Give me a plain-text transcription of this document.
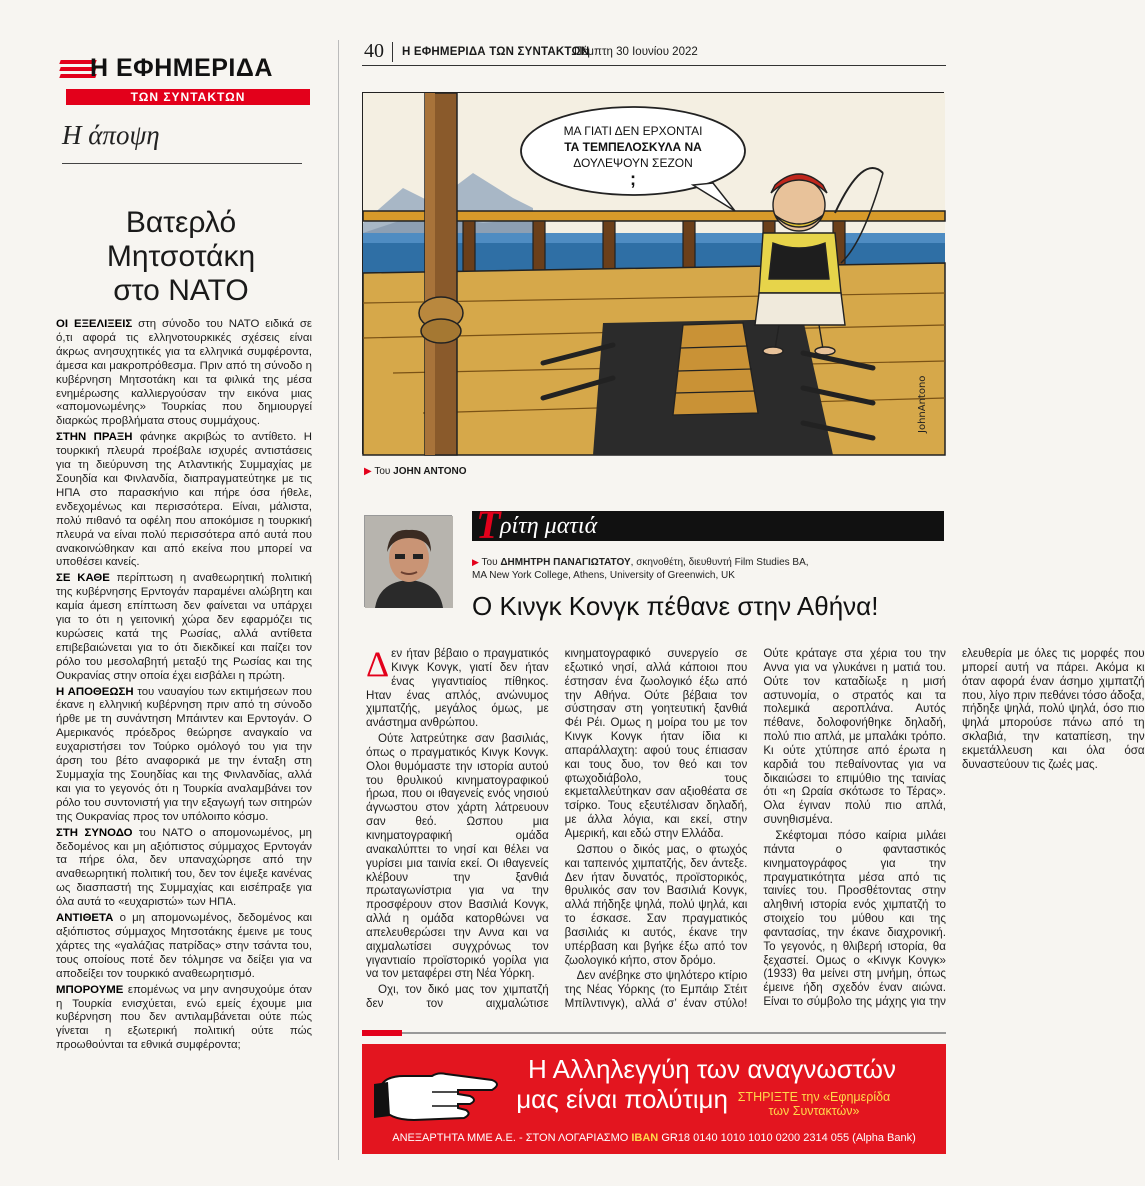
Η ΕΦΗΜΕΡΙΔΑ
ΤΩΝ ΣΥΝΤΑΚΤΩΝ
Η άποψη
Βατερλό
Μητσοτάκη
στο ΝΑΤΟ

ΟΙ ΕΞΕΛΙΞΕΙΣ στη σύνοδο του ΝΑΤΟ ειδικά σε ό,τι αφορά τις ελληνοτουρκικές σχέσεις είναι άκρως ανησυχητικές για τα ελληνικά συμφέροντα, άμεσα και μακροπρόθεσμα. Πριν από τη σύνοδο η κυβέρνηση Μητσοτάκη και τα φιλικά της μέσα ενημέρωσης καλλιεργούσαν την εικόνα μιας «απομονωμένης» Τουρκίας που δημιουργεί διαρκώς προβλήματα στους συμμάχους.

ΣΤΗΝ ΠΡΑΞΗ φάνηκε ακριβώς το αντίθετο. Η τουρκική πλευρά προέβαλε ισχυρές αντιστάσεις για τη διεύρυνση της Ατλαντικής Συμμαχίας με Σουηδία και Φινλανδία, διαπραγματεύτηκε με τις ΗΠΑ στο παρασκήνιο και πήρε όσα ήθελε, ενδεχομένως και περισσότερα. Είναι, μάλιστα, πολύ πιθανό τα οφέλη που αποκόμισε η τουρκική πλευρά να είναι πολύ περισσότερα από αυτά που ανακοινώθηκαν και από εκείνα που μπορεί να υποθέσει κανείς.

ΣΕ ΚΑΘΕ περίπτωση η αναθεωρητική πολιτική της κυβέρνησης Ερντογάν παραμένει αλώβητη και καμία άμεση επίπτωση δεν φαίνεται να υπάρχει για το ότι η γειτονική χώρα δεν εφαρμόζει τις κυρώσεις κατά της Ρωσίας, αλλά αντίθετα επιβεβαιώνεται για το ότι διεκδικεί και παίζει τον ρόλο του μεσολαβητή μεταξύ της Ρωσίας και της Ουκρανίας στην οποία έχει εισβάλει η πρώτη.

Η ΑΠΟΘΕΩΣΗ του ναυαγίου των εκτιμήσεων που έκανε η ελληνική κυβέρνηση πριν από τη σύνοδο ήρθε με τη συνάντηση Μπάιντεν και Ερντογάν. Ο Αμερικανός πρόεδρος θεώρησε αναγκαίο να ευχαριστήσει τον Τούρκο ομόλογό του για την άρση του βέτο αναφορικά με την ένταξη στη Συμμαχία της Σουηδίας και της Φινλανδίας, αλλά και για το γεγονός ότι η Τουρκία αναλαμβάνει τον ρόλο του συντονιστή για την εξαγωγή των σιτηρών της Ουκρανίας προς τον υπόλοιπο κόσμο.

ΣΤΗ ΣΥΝΟΔΟ του ΝΑΤΟ ο απομονωμένος, μη δεδομένος και μη αξιόπιστος σύμμαχος Ερντογάν τα πήρε όλα, δεν υπαναχώρησε από την αναθεωρητική πολιτική του, δεν τον έψεξε κανένας ως διασπαστή της Συμμαχίας και εισέπραξε για όλα αυτά το «ευχαριστώ» των ΗΠΑ.

ΑΝΤΙΘΕΤΑ ο μη απομονωμένος, δεδομένος και αξιόπιστος σύμμαχος Μητσοτάκης έμεινε με τους χάρτες της «γαλάζιας πατρίδας» στην τσάντα του, τους οποίους ποτέ δεν τόλμησε να δείξει για να αποδείξει τον τουρκικό αναθεωρητισμό.

ΜΠΟΡΟΥΜΕ επομένως να μην ανησυχούμε όταν η Τουρκία ενισχύεται, ενώ εμείς έχουμε μια κυβέρνηση που δεν αντιλαμβάνεται ούτε πώς γίνεται η εξωτερική πολιτική ούτε πώς προωθούνται τα εθνικά συμφέροντα;

40 Η ΕΦΗΜΕΡΙΔΑ ΤΩΝ ΣΥΝΤΑΚΤΩΝ
Πέμπτη 30 Ιουνίου 2022
ΜΑ ΓΙΑΤΙ ΔΕΝ ΕΡΧΟΝΤΑΙ
ΤΑ ΤΕΜΠΕΛΟΣΚΥΛΑ ΝΑ
ΔΟΥΛΕΨΟΥΝ ΣΕΖΟΝ
;
JohnAntono
▶ Του JOHN ANTONO
Τ ρίτη ματιά
▶ Του ΔΗΜΗΤΡΗ ΠΑΝΑΓΙΩΤΑΤΟΥ, σκηνοθέτη, διευθυντή Film Studies BA,
MA New York College, Athens, University of Greenwich, UK
Ο Κινγκ Κονγκ πέθανε στην Αθήνα!

Δεν ήταν βέβαιο ο πραγματικός Κινγκ Κονγκ, γιατί δεν ήταν ένας γιγαντιαίος πίθηκος. Ηταν ένας απλός, ανώνυμος χιμπατζής, μεγάλος όμως, με ανάστημα ανθρώπου.

Ούτε λατρεύτηκε σαν βασιλιάς, όπως ο πραγματικός Κινγκ Κονγκ. Ολοι θυμόμαστε την ιστορία αυτού του θρυλικού κινηματογραφικού ήρωα, που οι ιθαγενείς ενός νησιού άγνωστου στον χάρτη λάτρευουν σαν θεό. Ωσπου μια κινηματογραφική ομάδα ανακαλύπτει το νησί και θέλει να γυρίσει μια ταινία εκεί. Οι ιθαγενείς κλέβουν την ξανθιά πρωταγωνίστρια για να την προσφέρουν στον Βασιλιά Κονγκ, αλλά η ομάδα κατορθώνει να απελευθερώσει την Αννα και να αιχμαλωτίσει συγχρόνως τον γιγαντιαίο προϊστορικό γορίλα για να τον μεταφέρει στη Νέα Υόρκη.

Οχι, τον δικό μας τον χιμπατζή δεν τον αιχμαλώτισε κινηματογραφικό συνεργείο σε εξωτικό νησί, αλλά κάποιοι που έστησαν ένα ζωολογικό έξω από την Αθήνα. Ούτε βέβαια τον σύστησαν στη γοητευτική ξανθιά Φέι Ρέι. Ομως η μοίρα του με τον Κινγκ Κονγκ ήταν ίδια κι απαράλλαχτη: αφού τους έπιασαν και τους δυο, τον θεό και τον φτωχοδιάβολο, τους εκμεταλλεύτηκαν σαν αξιοθέατα σε τσίρκο. Τους εξευτέλισαν δηλαδή, με άλλα λόγια, και εκεί, στην Αμερική, και εδώ στην Ελλάδα.

Ωσπου ο δικός μας, ο φτωχός και ταπεινός χιμπατζής, δεν άντεξε. Δεν ήταν δυνατός, προϊστορικός, θρυλικός σαν τον Βασιλιά Κονγκ, αλλά πήδηξε ψηλά, πολύ ψηλά, και το έσκασε. Σαν πραγματικός βασιλιάς κι αυτός, έκανε την υπέρβαση και βγήκε έξω από τον ζωολογικό κήπο, στον δρόμο.

Δεν ανέβηκε στο ψηλότερο κτίριο της Νέας Υόρκης (το Εμπάιρ Στέιτ Μπίλντινγκ), αλλά σ’ έναν στύλο! Ούτε κράταγε στα χέρια του την Αννα για να γλυκάνει η ματιά του. Ούτε τον καταδίωξε η μισή αστυνομία, ο στρατός και τα πολεμικά αεροπλάνα. Αυτός πέθανε, δολοφονήθηκε δηλαδή, πολύ πιο απλά, με μπαλάκι τρόπο. Κι ούτε χτύπησε από έρωτα η καρδιά του πεθαίνοντας για να δικαιώσει το επιμύθιο της ταινίας ότι «η Ωραία σκότωσε το Τέρας». Ολα έγιναν πολύ πιο απλά, συνηθισμένα.

Σκέφτομαι πόσο καίρια μιλάει πάντα ο φανταστικός κινηματογράφος για την πραγματικότητα μέσα από τις ταινίες του. Προσθέτοντας στην αληθινή ιστορία ενός χιμπατζή το στοιχείο του μύθου και της φαντασίας, την έκανε διαχρονική. Το γεγονός, η θλιβερή ιστορία, θα ξεχαστεί. Ομως ο «Κινγκ Κονγκ» (1933) θα μείνει στη μνήμη, όπως έμεινε ήδη σχεδόν έναν αιώνα. Είναι το σύμβολο της μάχης για την ελευθερία με όλες τις μορφές που μπορεί αυτή να πάρει. Ακόμα κι όταν αφορά έναν άσημο χιμπατζή που, λίγο πριν πεθάνει τόσο άδοξα, πήδηξε ψηλά, πολύ ψηλά, όσο πιο ψηλά μπορούσε πάνω από τη σκλαβιά, την καταπίεση, την εκμετάλλευση και όλα όσα δυναστεύουν τις ζωές μας.

Η Αλληλεγγύη των αναγνωστών
μας είναι πολύτιμη ΣΤΗΡΙΞΤΕ την «Εφημερίδα
των Συντακτών»
ΑΝΕΞΑΡΤΗΤΑ ΜΜΕ Α.Ε. - ΣΤΟΝ ΛΟΓΑΡΙΑΣΜΟ IBAN GR18 0140 1010 1010 0200 2314 055 (Alpha Bank)
